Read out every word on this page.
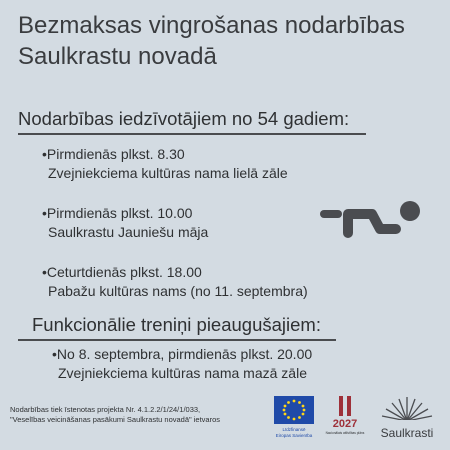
Bezmaksas vingrošanas nodarbības
Saulkrastu novadā
Nodarbības iedzīvotājiem no 54 gadiem:
•Pirmdienās plkst. 8.30
Zvejniekciema kultūras nama lielā zāle
•Pirmdienās plkst. 10.00
Saulkrastu Jauniešu māja
•Ceturtdienās plkst. 18.00
Pabažu kultūras nams (no 11. septembra)
Funkcionālie treniņi pieaugušajiem:
•No 8. septembra, pirmdienās plkst. 20.00
Zvejniekciema kultūras nama mazā zāle
Nodarbības tiek īstenotas projekta Nr. 4.1.2.2/1/24/1/033,
"Veselības veicināšanas pasākumi Saulkrastu novadā" ietvaros
Līdzfinansē
Eiropas Savienība
2027
Nacionālais attīstības plāns Saulkrasti
